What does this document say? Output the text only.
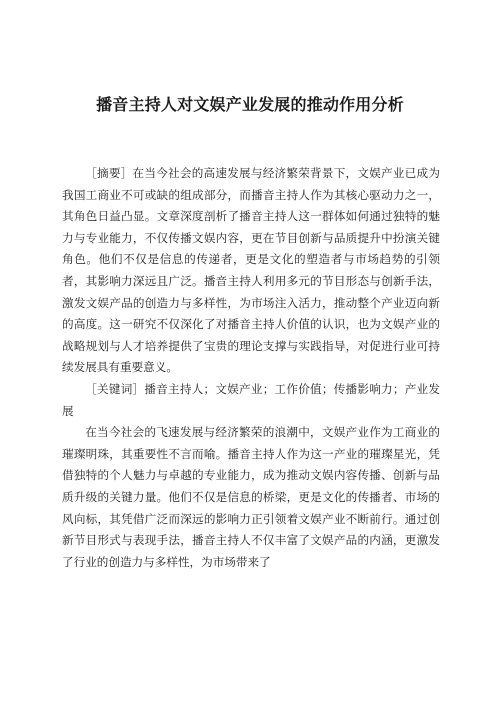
播音主持人对文娱产业发展的推动作用分析

［摘要］在当今社会的高速发展与经济繁荣背景下，文娱产业已成为我国工商业不可或缺的组成部分，而播音主持人作为其核心驱动力之一，其角色日益凸显。文章深度剖析了播音主持人这一群体如何通过独特的魅力与专业能力，不仅传播文娱内容，更在节目创新与品质提升中扮演关键角色。他们不仅是信息的传递者，更是文化的塑造者与市场趋势的引领者，其影响力深远且广泛。播音主持人利用多元的节目形态与创新手法，激发文娱产品的创造力与多样性，为市场注入活力，推动整个产业迈向新的高度。这一研究不仅深化了对播音主持人价值的认识，也为文娱产业的战略规划与人才培养提供了宝贵的理论支撑与实践指导，对促进行业可持续发展具有重要意义。

［关键词］播音主持人；文娱产业；工作价值；传播影响力；产业发展

在当今社会的飞速发展与经济繁荣的浪潮中，文娱产业作为工商业的璀璨明珠，其重要性不言而喻。播音主持人作为这一产业的璀璨星光，凭借独特的个人魅力与卓越的专业能力，成为推动文娱内容传播、创新与品质升级的关键力量。他们不仅是信息的桥梁，更是文化的传播者、市场的风向标，其凭借广泛而深远的影响力正引领着文娱产业不断前行。通过创新节目形式与表现手法，播音主持人不仅丰富了文娱产品的内涵，更激发了行业的创造力与多样性，为市场带来了
